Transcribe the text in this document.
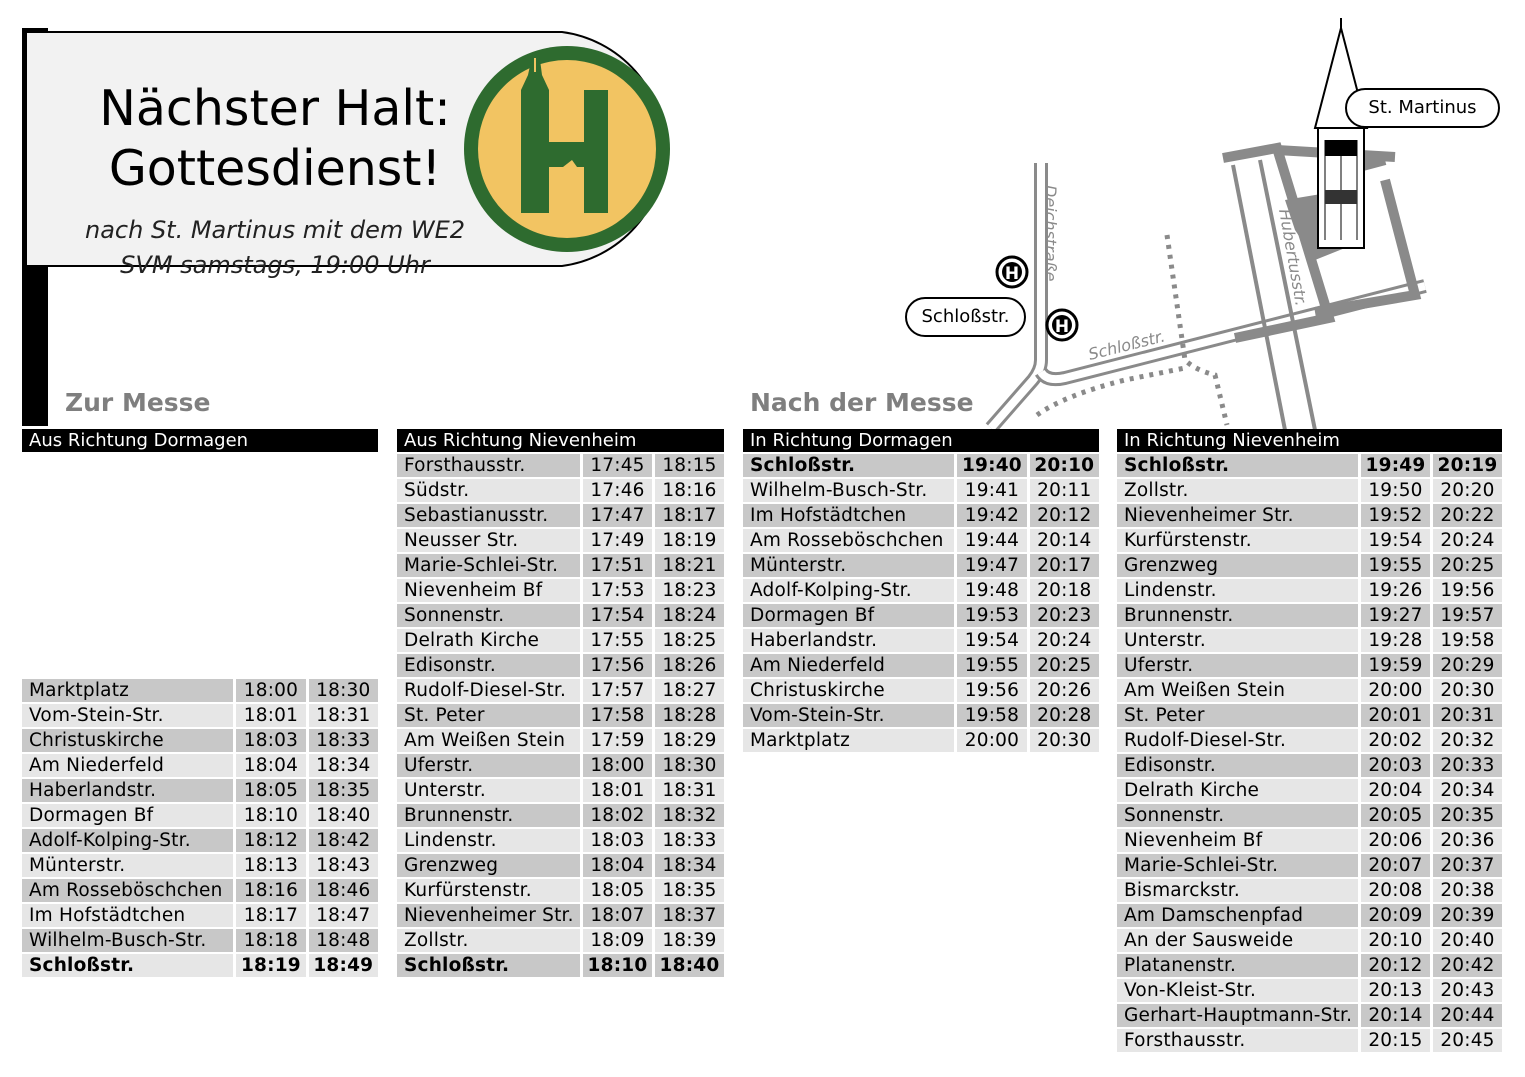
Nächster Halt:
Gottesdienst!
nach St. Martinus mit dem WE2
SVM samstags, 19:00 Uhr	H
H
Deichstraße
Schloßstr.
Hubertusstr.
St. Martinus
Schloßstr.
Zur Messe	Nach der Messe
Aus Richtung Dormagen
Marktplatz	18:00 18:30
Vom-Stein-Str.	18:01 18:31
Christuskirche	18:03 18:33
Am Niederfeld	18:04 18:34
Haberlandstr.	18:05 18:35
Dormagen Bf	18:10 18:40
Adolf-Kolping-Str.	18:12 18:42
Münterstr.	18:13 18:43
Am Rosseböschchen	18:16 18:46
Im Hofstädtchen	18:17 18:47
Wilhelm-Busch-Str.	18:18 18:48
Schloßstr.	18:19 18:49
Aus Richtung Nievenheim
Forsthausstr.	17:45 18:15
Südstr.	17:46 18:16
Sebastianusstr.	17:47 18:17
Neusser Str.	17:49 18:19
Marie-Schlei-Str.	17:51 18:21
Nievenheim Bf	17:53 18:23
Sonnenstr.	17:54 18:24
Delrath Kirche	17:55 18:25
Edisonstr.	17:56 18:26
Rudolf-Diesel-Str.	17:57 18:27
St. Peter	17:58 18:28
Am Weißen Stein	17:59 18:29
Uferstr.	18:00 18:30
Unterstr.	18:01 18:31
Brunnenstr.	18:02 18:32
Lindenstr.	18:03 18:33
Grenzweg	18:04 18:34
Kurfürstenstr.	18:05 18:35
Nievenheimer Str. 18:07 18:37
Zollstr.	18:09 18:39
Schloßstr.	18:10 18:40
In Richtung Dormagen
Schloßstr.	19:40 20:10
Wilhelm-Busch-Str.	19:41 20:11
Im Hofstädtchen	19:42 20:12
Am Rosseböschchen	19:44 20:14
Münterstr.	19:47 20:17
Adolf-Kolping-Str.	19:48 20:18
Dormagen Bf	19:53 20:23
Haberlandstr.	19:54 20:24
Am Niederfeld	19:55 20:25
Christuskirche	19:56 20:26
Vom-Stein-Str.	19:58 20:28
Marktplatz	20:00 20:30
In Richtung Nievenheim
Schloßstr.	19:49 20:19
Zollstr.	19:50 20:20
Nievenheimer Str.	19:52 20:22
Kurfürstenstr.	19:54 20:24
Grenzweg	19:55 20:25
Lindenstr.	19:26 19:56
Brunnenstr.	19:27 19:57
Unterstr.	19:28 19:58
Uferstr.	19:59 20:29
Am Weißen Stein	20:00 20:30
St. Peter	20:01 20:31
Rudolf-Diesel-Str.	20:02 20:32
Edisonstr.	20:03 20:33
Delrath Kirche	20:04 20:34
Sonnenstr.	20:05 20:35
Nievenheim Bf	20:06 20:36
Marie-Schlei-Str.	20:07 20:37
Bismarckstr.	20:08 20:38
Am Damschenpfad	20:09 20:39
An der Sausweide	20:10 20:40
Platanenstr.	20:12 20:42
Von-Kleist-Str.	20:13 20:43
Gerhart-Hauptmann-Str. 20:14 20:44
Forsthausstr.	20:15 20:45
